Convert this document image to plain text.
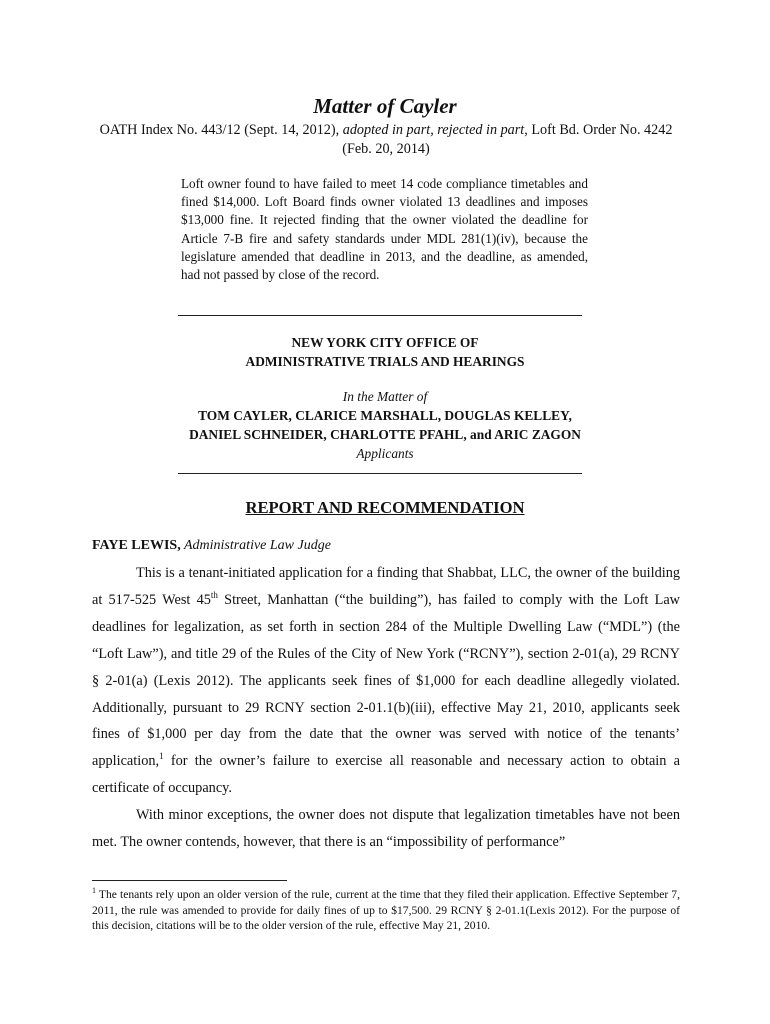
Matter of Cayler
OATH Index No. 443/12 (Sept. 14, 2012), adopted in part, rejected in part, Loft Bd. Order No. 4242 (Feb. 20, 2014)
Loft owner found to have failed to meet 14 code compliance timetables and fined $14,000. Loft Board finds owner violated 13 deadlines and imposes $13,000 fine. It rejected finding that the owner violated the deadline for Article 7-B fire and safety standards under MDL 281(1)(iv), because the legislature amended that deadline in 2013, and the deadline, as amended, had not passed by close of the record.
NEW YORK CITY OFFICE OF
ADMINISTRATIVE TRIALS AND HEARINGS
In the Matter of
TOM CAYLER, CLARICE MARSHALL, DOUGLAS KELLEY,
DANIEL SCHNEIDER, CHARLOTTE PFAHL, and ARIC ZAGON
Applicants
REPORT AND RECOMMENDATION
FAYE LEWIS, Administrative Law Judge

This is a tenant-initiated application for a finding that Shabbat, LLC, the owner of the building at 517-525 West 45th Street, Manhattan (“the building”), has failed to comply with the Loft Law deadlines for legalization, as set forth in section 284 of the Multiple Dwelling Law (“MDL”) (the “Loft Law”), and title 29 of the Rules of the City of New York (“RCNY”), section 2-01(a), 29 RCNY § 2-01(a) (Lexis 2012). The applicants seek fines of $1,000 for each deadline allegedly violated. Additionally, pursuant to 29 RCNY section 2-01.1(b)(iii), effective May 21, 2010, applicants seek fines of $1,000 per day from the date that the owner was served with notice of the tenants’ application,$^1$ for the owner’s failure to exercise all reasonable and necessary action to obtain a certificate of occupancy.

With minor exceptions, the owner does not dispute that legalization timetables have not been met. The owner contends, however, that there is an “impossibility of performance”

$^1$ The tenants rely upon an older version of the rule, current at the time that they filed their application. Effective September 7, 2011, the rule was amended to provide for daily fines of up to $17,500. 29 RCNY § 2-01.1(Lexis 2012). For the purpose of this decision, citations will be to the older version of the rule, effective May 21, 2010.
